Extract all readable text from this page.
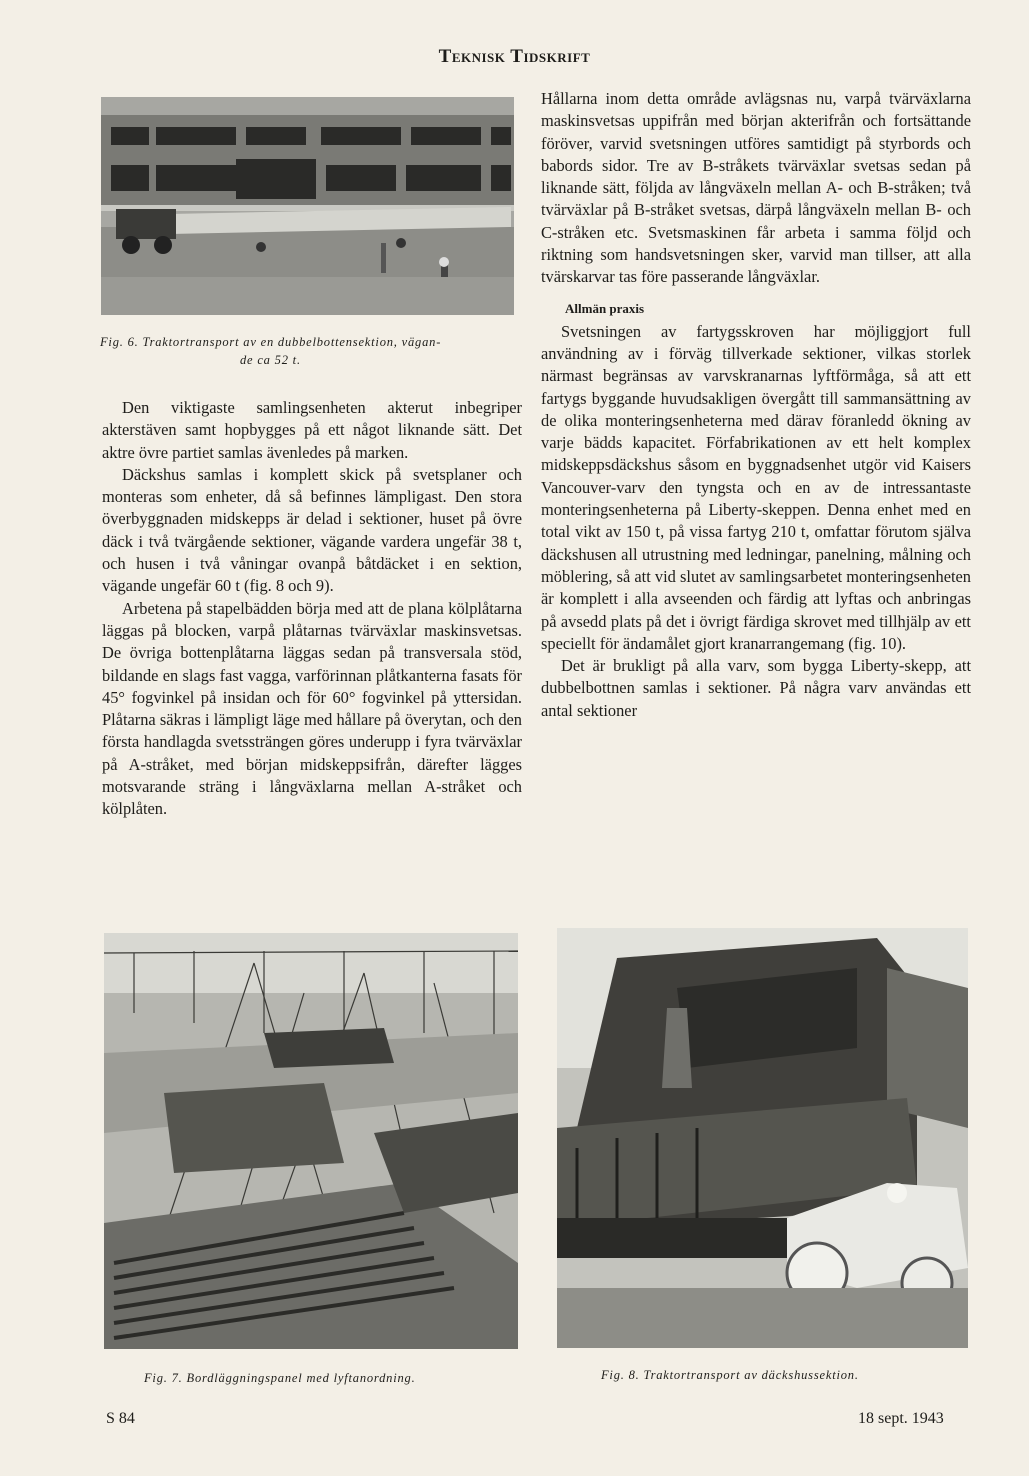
Teknisk Tidskrift
Fig. 6. Traktortransport av en dubbelbottensektion, vägan-
de ca 52 t.

Den viktigaste samlingsenheten akterut inbegriper akterstäven samt hopbygges på ett något liknande sätt. Det aktre övre partiet samlas ävenledes på marken.

Däckshus samlas i komplett skick på svetsplaner och monteras som enheter, då så befinnes lämpligast. Den stora överbyggnaden midskepps är delad i sektioner, huset på övre däck i två tvärgående sektioner, vägande vardera ungefär 38 t, och husen i två våningar ovanpå båtdäcket i en sektion, vägande ungefär 60 t (fig. 8 och 9).

Arbetena på stapelbädden börja med att de plana kölplåtarna läggas på blocken, varpå plåtarnas tvärväxlar maskinsvetsas. De övriga bottenplåtarna läggas sedan på transversala stöd, bildande en slags fast vagga, varförinnan plåtkanterna fasats för 45° fogvinkel på insidan och för 60° fogvinkel på yttersidan. Plåtarna säkras i lämpligt läge med hållare på överytan, och den första handlagda svetssträngen göres underupp i fyra tvärväxlar på A-stråket, med början midskeppsifrån, därefter lägges motsvarande sträng i långväxlarna mellan A-stråket och kölplåten.

Hållarna inom detta område avlägsnas nu, varpå tvärväxlarna maskinsvetsas uppifrån med början akterifrån och fortsättande föröver, varvid svetsningen utföres samtidigt på styrbords och babords sidor. Tre av B-stråkets tvärväxlar svetsas sedan på liknande sätt, följda av långväxeln mellan A- och B-stråken; två tvärväxlar på B-stråket svetsas, därpå långväxeln mellan B- och C-stråken etc. Svetsmaskinen får arbeta i samma följd och riktning som handsvetsningen sker, varvid man tillser, att alla tvärskarvar tas före passerande långväxlar.

Allmän praxis

Svetsningen av fartygsskroven har möjliggjort full användning av i förväg tillverkade sektioner, vilkas storlek närmast begränsas av varvskranarnas lyftförmåga, så att ett fartygs byggande huvudsakligen övergått till sammansättning av de olika monteringsenheterna med därav föranledd ökning av varje bädds kapacitet. Förfabrikationen av ett helt komplex midskeppsdäckshus såsom en byggnadsenhet utgör vid Kaisers Vancouver-varv den tyngsta och en av de intressantaste monteringsenheterna på Liberty-skeppen. Denna enhet med en total vikt av 150 t, på vissa fartyg 210 t, omfattar förutom själva däckshusen all utrustning med ledningar, panelning, målning och möblering, så att vid slutet av samlingsarbetet monteringsenheten är komplett i alla avseenden och färdig att lyftas och anbringas på avsedd plats på det i övrigt färdiga skrovet med tillhjälp av ett speciellt för ändamålet gjort kranarrangemang (fig. 10).

Det är brukligt på alla varv, som bygga Liberty-skepp, att dubbelbottnen samlas i sektioner. På några varv användas ett antal sektioner

Fig. 7. Bordläggningspanel med lyftanordning.	Fig. 8. Traktortransport av däckshussektion.
S 84	18 sept. 1943
